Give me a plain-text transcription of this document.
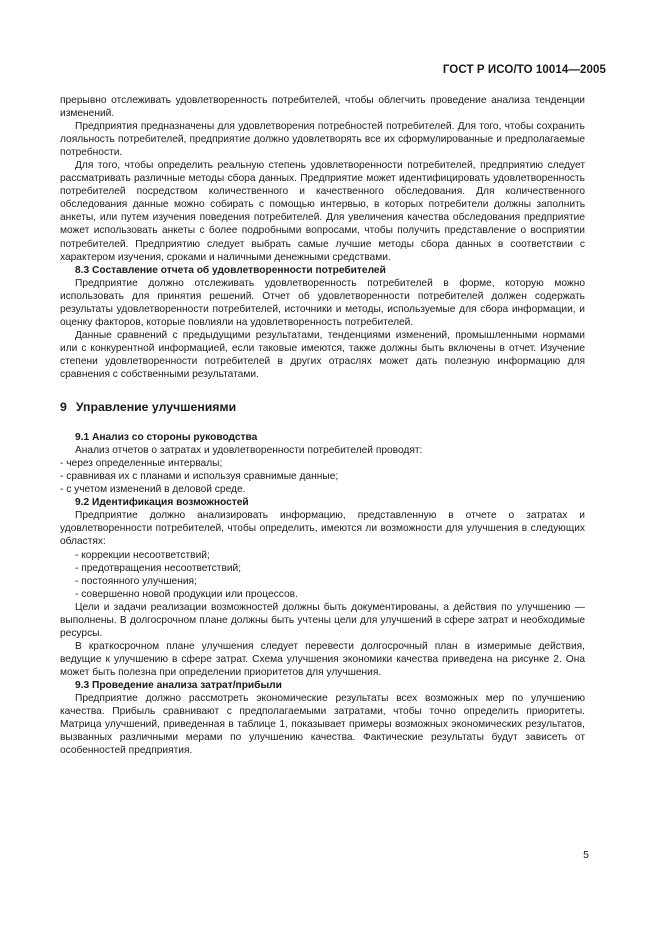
ГОСТ Р ИСО/ТО 10014—2005

прерывно отслеживать удовлетворенность потребителей, чтобы облегчить проведение анализа тенденции изменений.

Предприятия предназначены для удовлетворения потребностей потребителей. Для того, чтобы сохранить лояльность потребителей, предприятие должно удовлетворять все их сформулированные и предполагаемые потребности.

Для того, чтобы определить реальную степень удовлетворенности потребителей, предприятию следует рассматривать различные методы сбора данных. Предприятие может идентифицировать удовлетворенность потребителей посредством количественного и качественного обследования. Для количественного обследования данные можно собирать с помощью интервью, в которых потребители должны заполнить анкеты, или путем изучения поведения потребителей. Для увеличения качества обследования предприятие может использовать анкеты с более подробными вопросами, чтобы получить представление о восприятии потребителей. Предприятию следует выбрать самые лучшие методы сбора данных в соответствии с характером изучения, сроками и наличными денежными средствами.

8.3 Составление отчета об удовлетворенности потребителей

Предприятие должно отслеживать удовлетворенность потребителей в форме, которую можно использовать для принятия решений. Отчет об удовлетворенности потребителей должен содержать результаты удовлетворенности потребителей, источники и методы, используемые для сбора информации, и оценку факторов, которые повлияли на удовлетворенность потребителей.

Данные сравнений с предыдущими результатами, тенденциями изменений, промышленными нормами или с конкурентной информацией, если таковые имеются, также должны быть включены в отчет. Изучение степени удовлетворенности потребителей в других отраслях может дать полезную информацию для сравнения с собственными результатами.

9 Управление улучшениями

9.1 Анализ со стороны руководства

Анализ отчетов о затратах и удовлетворенности потребителей проводят:

- через определенные интервалы;

- сравнивая их с планами и используя сравнимые данные;

- с учетом изменений в деловой среде.

9.2 Идентификация возможностей

Предприятие должно анализировать информацию, представленную в отчете о затратах и удовлетворенности потребителей, чтобы определить, имеются ли возможности для улучшения в следующих областях:

- коррекции несоответствий;

- предотвращения несоответствий;

- постоянного улучшения;

- совершенно новой продукции или процессов.

Цели и задачи реализации возможностей должны быть документированы, а действия по улучшению — выполнены. В долгосрочном плане должны быть учтены цели для улучшений в сфере затрат и необходимые ресурсы.

В краткосрочном плане улучшения следует перевести долгосрочный план в измеримые действия, ведущие к улучшению в сфере затрат. Схема улучшения экономики качества приведена на рисунке 2. Она может быть полезна при определении приоритетов для улучшения.

9.3 Проведение анализа затрат/прибыли

Предприятие должно рассмотреть экономические результаты всех возможных мер по улучшению качества. Прибыль сравнивают с предполагаемыми затратами, чтобы точно определить приоритеты. Матрица улучшений, приведенная в таблице 1, показывает примеры возможных экономических результатов, вызванных различными мерами по улучшению качества. Фактические результаты будут зависеть от особенностей предприятия.

5
